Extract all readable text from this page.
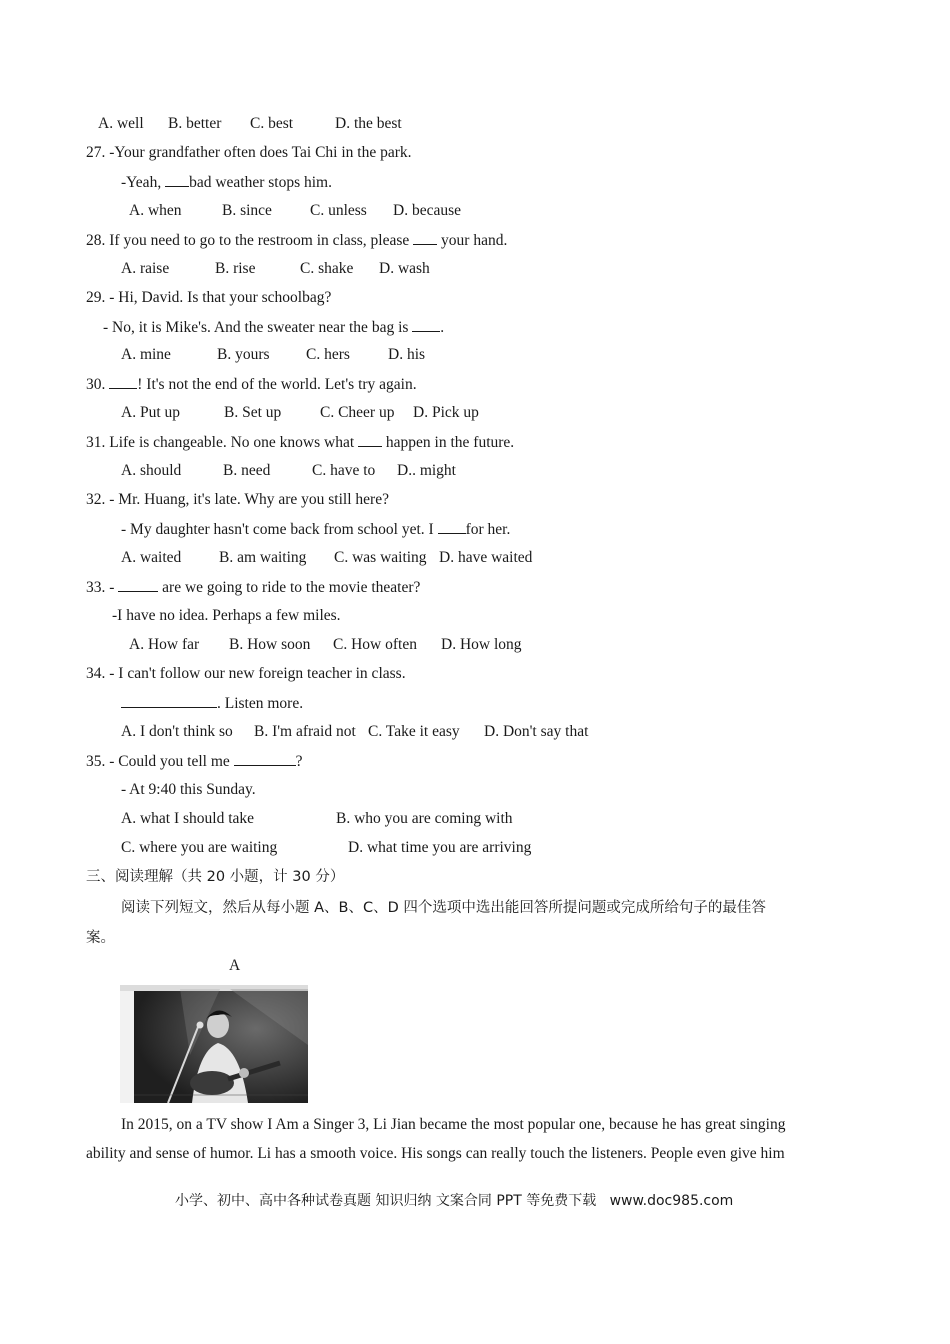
A. well B. better C. best	D. the best
27. -Your grandfather often does Tai Chi in the park.
-Yeah, bad weather stops him.
A. when	B. since C. unless D. because
28. If you need to go to the restroom in class, please  your hand.
A. raise	B. rise	C. shake D. wash
29. - Hi, David. Is that your schoolbag?
- No, it is Mike's. And the sweater near the bag is .
A. mine	B. yours C. hers D. his
30. ! It's not the end of the world. Let's try again.
A. Put up	B. Set up C. Cheer up D. Pick up
31. Life is changeable. No one knows what  happen in the future.
A. should	B. need	C. have to D.. might
32. - Mr. Huang, it's late. Why are you still here?
- My daughter hasn't come back from school yet. I for her.
A. waited B. am waiting C. was waiting D. have waited
33. -	are we going to ride to the movie theater?
-I have no idea. Perhaps a few miles.
A. How far B. How soon C. How often D. How long
34. - I can't follow our new foreign teacher in class.
. Listen more.
A. I don't think so B. I'm afraid not C. Take it easy D. Don't say that
35. - Could you tell me	?
- At 9:40 this Sunday.
A. what I should take	B. who you are coming with
C. where you are waiting	D. what time you are arriving
三、阅读理解（共 20 小题，计 30 分）
阅读下列短文，然后从每小题 A、B、C、D 四个选项中选出能回答所提问题或完成所给句子的最佳答
案。
A
In 2015, on a TV show I Am a Singer 3, Li Jian became the most popular one, because he has great singing
ability and sense of humor. Li has a smooth voice. His songs can really touch the listeners. People even give him
小学、初中、高中各种试卷真题 知识归纳 文案合同 PPT 等免费下载   www.doc985.com
